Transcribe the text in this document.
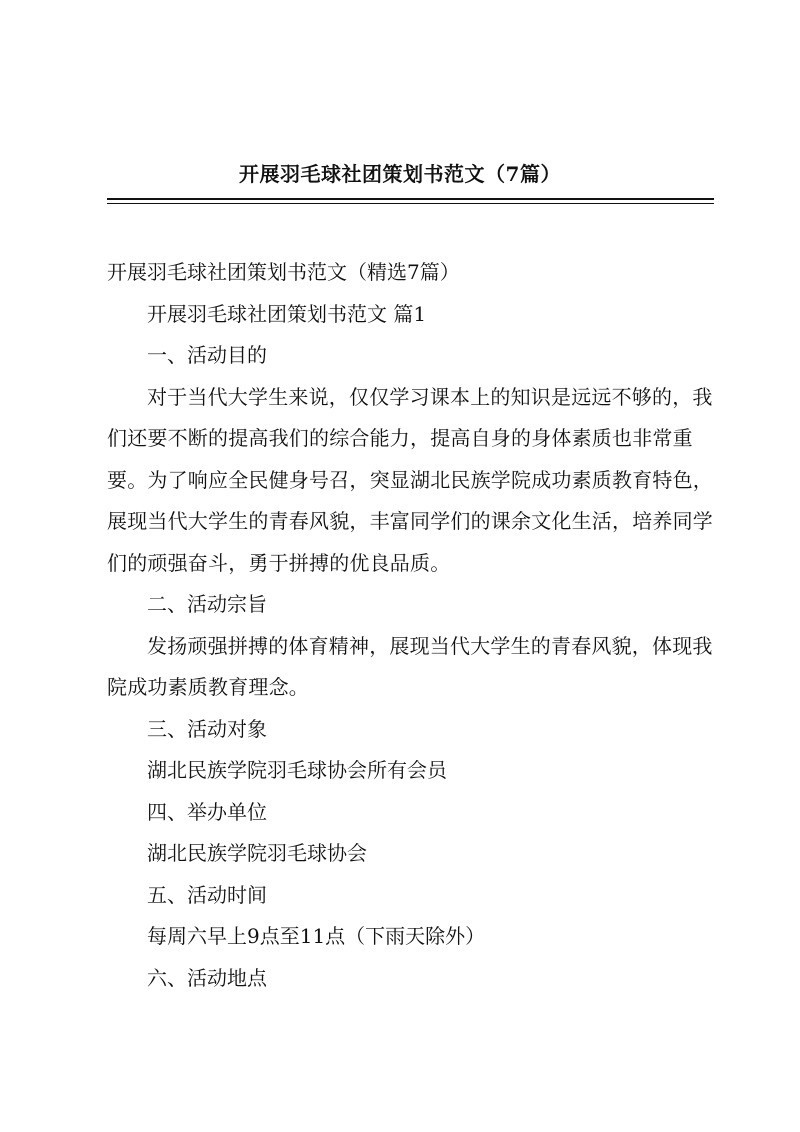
开展羽毛球社团策划书范文（7篇）

开展羽毛球社团策划书范文（精选7篇）

开展羽毛球社团策划书范文 篇1

一、活动目的

对于当代大学生来说，仅仅学习课本上的知识是远远不够的，我们还要不断的提高我们的综合能力，提高自身的身体素质也非常重要。为了响应全民健身号召，突显湖北民族学院成功素质教育特色，展现当代大学生的青春风貌，丰富同学们的课余文化生活，培养同学们的顽强奋斗，勇于拼搏的优良品质。

二、活动宗旨

发扬顽强拼搏的体育精神，展现当代大学生的青春风貌，体现我院成功素质教育理念。

三、活动对象

湖北民族学院羽毛球协会所有会员

四、举办单位

湖北民族学院羽毛球协会

五、活动时间

每周六早上9点至11点（下雨天除外）

六、活动地点
